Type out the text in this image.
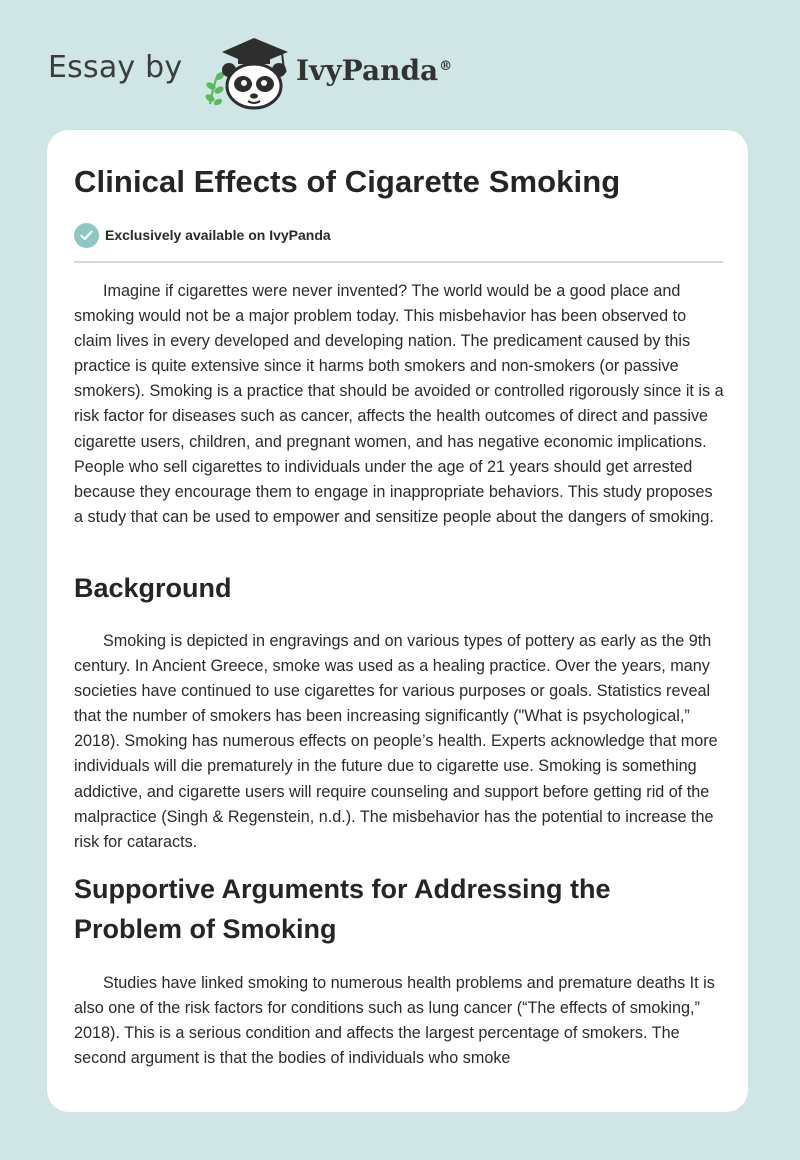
Essay by	IvyPanda®
Clinical Effects of Cigarette Smoking
Exclusively available on IvyPanda

Imagine if cigarettes were never invented? The world would be a good place and smoking would not be a major problem today. This misbehavior has been observed to claim lives in every developed and developing nation. The predicament caused by this practice is quite extensive since it harms both smokers and non-smokers (or passive smokers). Smoking is a practice that should be avoided or controlled rigorously since it is a risk factor for diseases such as cancer, affects the health outcomes of direct and passive cigarette users, children, and pregnant women, and has negative economic implications. People who sell cigarettes to individuals under the age of 21 years should get arrested because they encourage them to engage in inappropriate behaviors. This study proposes a study that can be used to empower and sensitize people about the dangers of smoking.

Background

Smoking is depicted in engravings and on various types of pottery as early as the 9th century. In Ancient Greece, smoke was used as a healing practice. Over the years, many societies have continued to use cigarettes for various purposes or goals. Statistics reveal that the number of smokers has been increasing significantly ("What is psychological,” 2018). Smoking has numerous effects on people’s health. Experts acknowledge that more individuals will die prematurely in the future due to cigarette use. Smoking is something addictive, and cigarette users will require counseling and support before getting rid of the malpractice (Singh & Regenstein, n.d.). The misbehavior has the potential to increase the risk for cataracts.

Supportive Arguments for Addressing the Problem of Smoking

Studies have linked smoking to numerous health problems and premature deaths It is also one of the risk factors for conditions such as lung cancer (“The effects of smoking,” 2018). This is a serious condition and affects the largest percentage of smokers. The second argument is that the bodies of individuals who smoke
